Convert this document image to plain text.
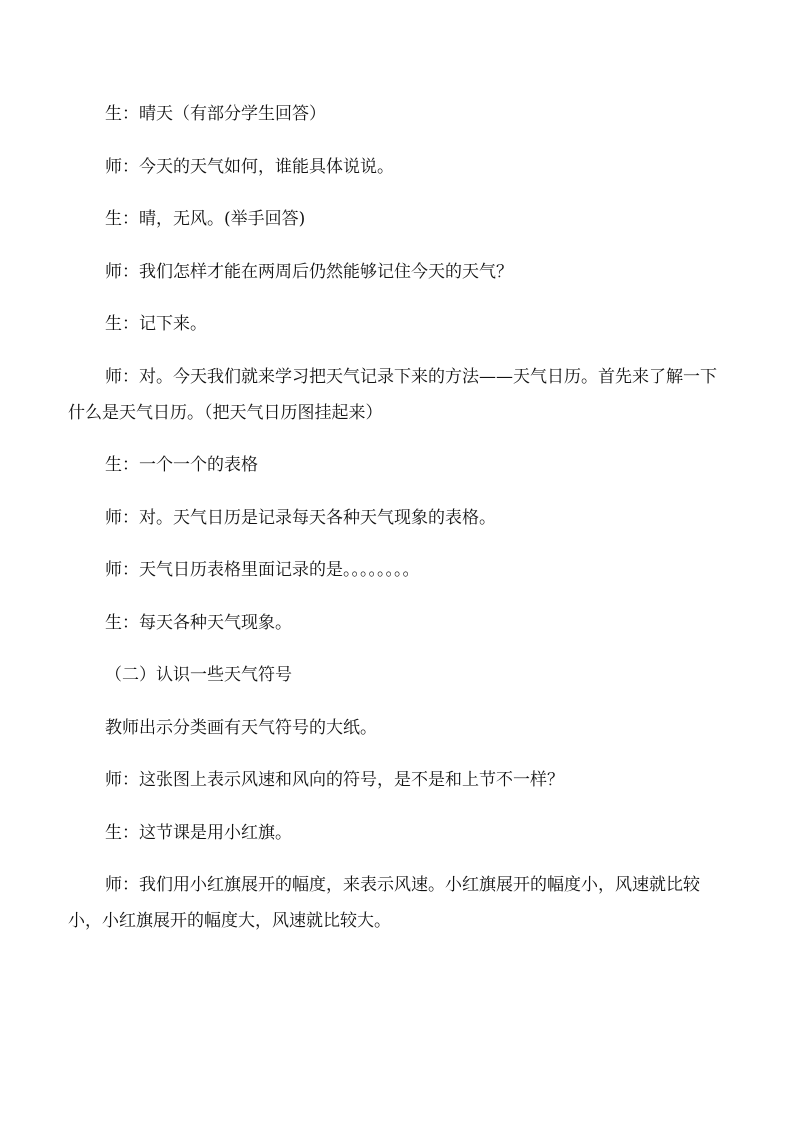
生：晴天（有部分学生回答）

师：今天的天气如何，谁能具体说说。

生：晴，无风。(举手回答)

师：我们怎样才能在两周后仍然能够记住今天的天气？

生：记下来。

师：对。今天我们就来学习把天气记录下来的方法——天气日历。首先来了解一下什么是天气日历。（把天气日历图挂起来）

生：一个一个的表格

师：对。天气日历是记录每天各种天气现象的表格。

师：天气日历表格里面记录的是。。。。。。。。

生：每天各种天气现象。

（二）认识一些天气符号

教师出示分类画有天气符号的大纸。

师：这张图上表示风速和风向的符号，是不是和上节不一样？

生：这节课是用小红旗。

师：我们用小红旗展开的幅度，来表示风速。小红旗展开的幅度小，风速就比较小，小红旗展开的幅度大，风速就比较大。
